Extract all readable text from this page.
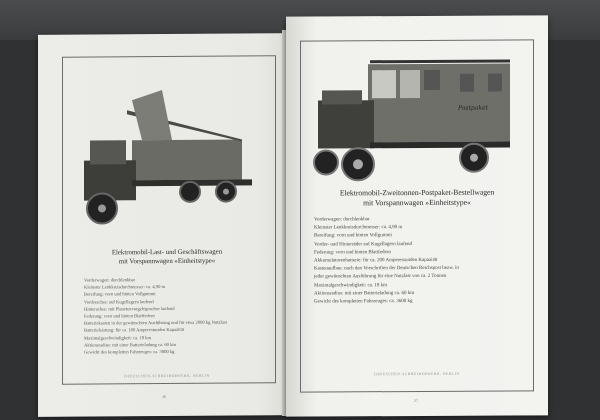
Elektromobil-Last- und Geschäftswagen
mit Vorspannwagen »Einheitstype«
Vorderwagen: durchlenkbar
Kleinster Lenkkreisdurchmesser: ca. 4,90 m
Bereifung: vorn und hinten Vollgummi
Vorderachse: auf Kugellagern laufend
Hinterachse: mit Planetenvorgelegeachse laufend
Federung: vorn und hinten Blattfedern
Batteriekasten in der gewünschten Ausführung und für etwa 2000 kg Nutzlast
Batterieleistung: für ca. 100 Amperestunden Kapazität
Maximalgeschwindigkeit: ca. 18 km
Aktionsradius: mit einer Batterieladung ca. 60 km
Gewicht des kompletten Fahrzeuges: ca. 3000 kg
DEPESCHEN-SCHREIBERWERK, BERLIN
26
Postpaket
Elektromobil-Zweitonnen-Postpaket-Bestellwagen
mit Vorspannwagen »Einheitstype«
Vorderwagen: durchlenkbar
Kleinster Lenkkreisdurchmesser: ca. 4,90 m
Bereifung: vorn und hinten Vollgummi
Vorder- und Hinterräder auf Kugellagern laufend
Federung: vorn und hinten Blattfedern
Akkumulatorenbatterie: für ca. 200 Amperestunden Kapazität
Kastenaufbau: nach den Vorschriften der Deutschen Reichspost bezw. in
jeder gewünschten Ausführung für eine Nutzlast von ca. 2 Tonnen
Maximalgeschwindigkeit: ca. 18 km
Aktionsradius: mit einer Batterieladung ca. 60 km
Gewicht des kompletten Fahrzeuges: ca. 3600 kg
DEPESCHEN-SCHREIBERWERK, BERLIN
27
